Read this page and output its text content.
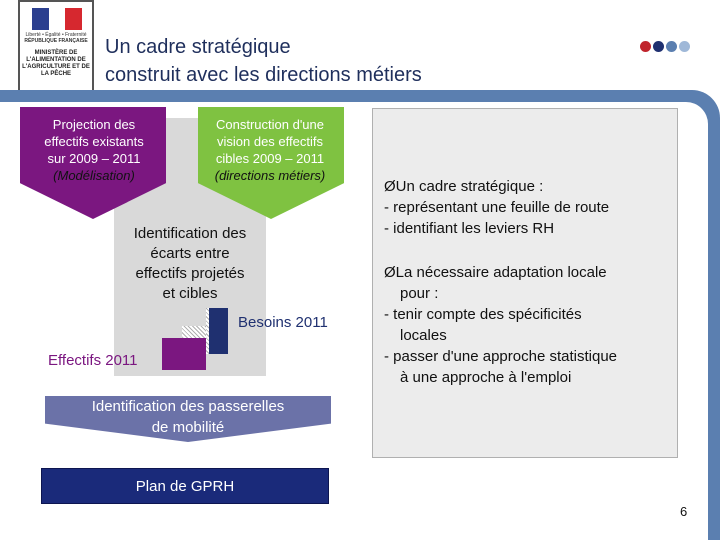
Liberté • Égalité • Fraternité
RÉPUBLIQUE FRANÇAISE
MINISTÈRE DE L'ALIMENTATION DE L'AGRICULTURE ET DE LA PÊCHE
Un cadre stratégique
construit avec les directions métiers
Projection des
effectifs existants
sur 2009 – 2011
(Modélisation)
Construction d'une
vision des effectifs
cibles 2009 – 2011
(directions métiers)
Identification des
écarts entre
effectifs projetés
et cibles
Besoins 2011
Effectifs 2011
Identification des passerelles
de mobilité
Plan de GPRH
ØUn cadre stratégique :
- représentant une feuille de route
- identifiant les leviers RH
ØLa nécessaire adaptation locale
pour :
- tenir compte des spécificités
locales
- passer d'une approche statistique
à une approche à l'emploi
6
